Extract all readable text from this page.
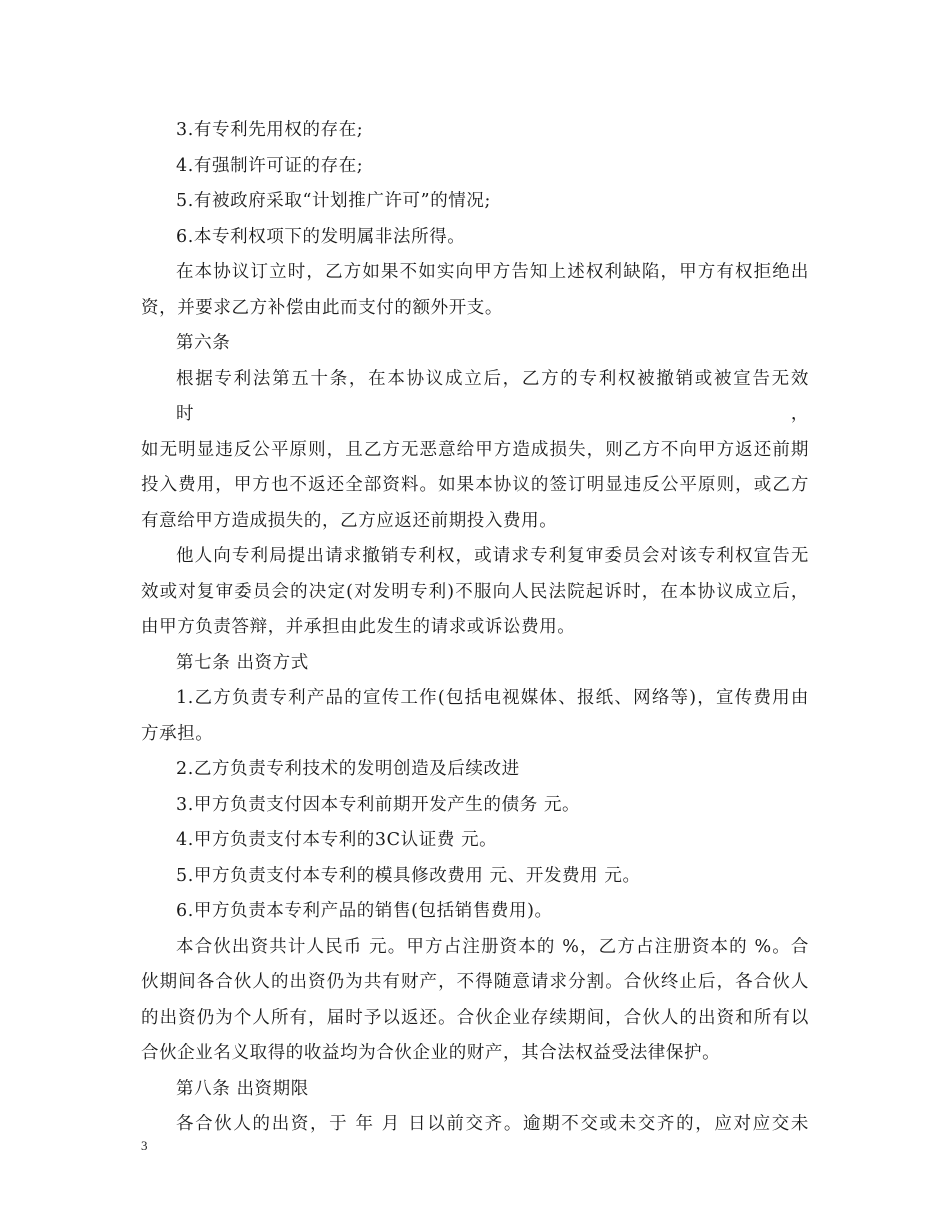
3.有专利先用权的存在;

4.有强制许可证的存在;

5.有被政府采取“计划推广许可”的情况;

6.本专利权项下的发明属非法所得。

在本协议订立时，乙方如果不如实向甲方告知上述权利缺陷，甲方有权拒绝出

资，并要求乙方补偿由此而支付的额外开支。

第六条

根据专利法第五十条，在本协议成立后，乙方的专利权被撤销或被宣告无效时，

如无明显违反公平原则，且乙方无恶意给甲方造成损失，则乙方不向甲方返还前期

投入费用，甲方也不返还全部资料。如果本协议的签订明显违反公平原则，或乙方

有意给甲方造成损失的，乙方应返还前期投入费用。

他人向专利局提出请求撤销专利权，或请求专利复审委员会对该专利权宣告无

效或对复审委员会的决定(对发明专利)不服向人民法院起诉时，在本协议成立后，

由甲方负责答辩，并承担由此发生的请求或诉讼费用。

第七条 出资方式

1.乙方负责专利产品的宣传工作(包括电视媒体、报纸、网络等)，宣传费用由

方承担。

2.乙方负责专利技术的发明创造及后续改进

3.甲方负责支付因本专利前期开发产生的债务 元。

4.甲方负责支付本专利的3C认证费 元。

5.甲方负责支付本专利的模具修改费用 元、开发费用 元。

6.甲方负责本专利产品的销售(包括销售费用)。

本合伙出资共计人民币 元。甲方占注册资本的 %，乙方占注册资本的 %。合

伙期间各合伙人的出资仍为共有财产，不得随意请求分割。合伙终止后，各合伙人

的出资仍为个人所有，届时予以返还。合伙企业存续期间，合伙人的出资和所有以

合伙企业名义取得的收益均为合伙企业的财产，其合法权益受法律保护。

第八条 出资期限

各合伙人的出资，于 年 月 日以前交齐。逾期不交或未交齐的，应对应交未

3
